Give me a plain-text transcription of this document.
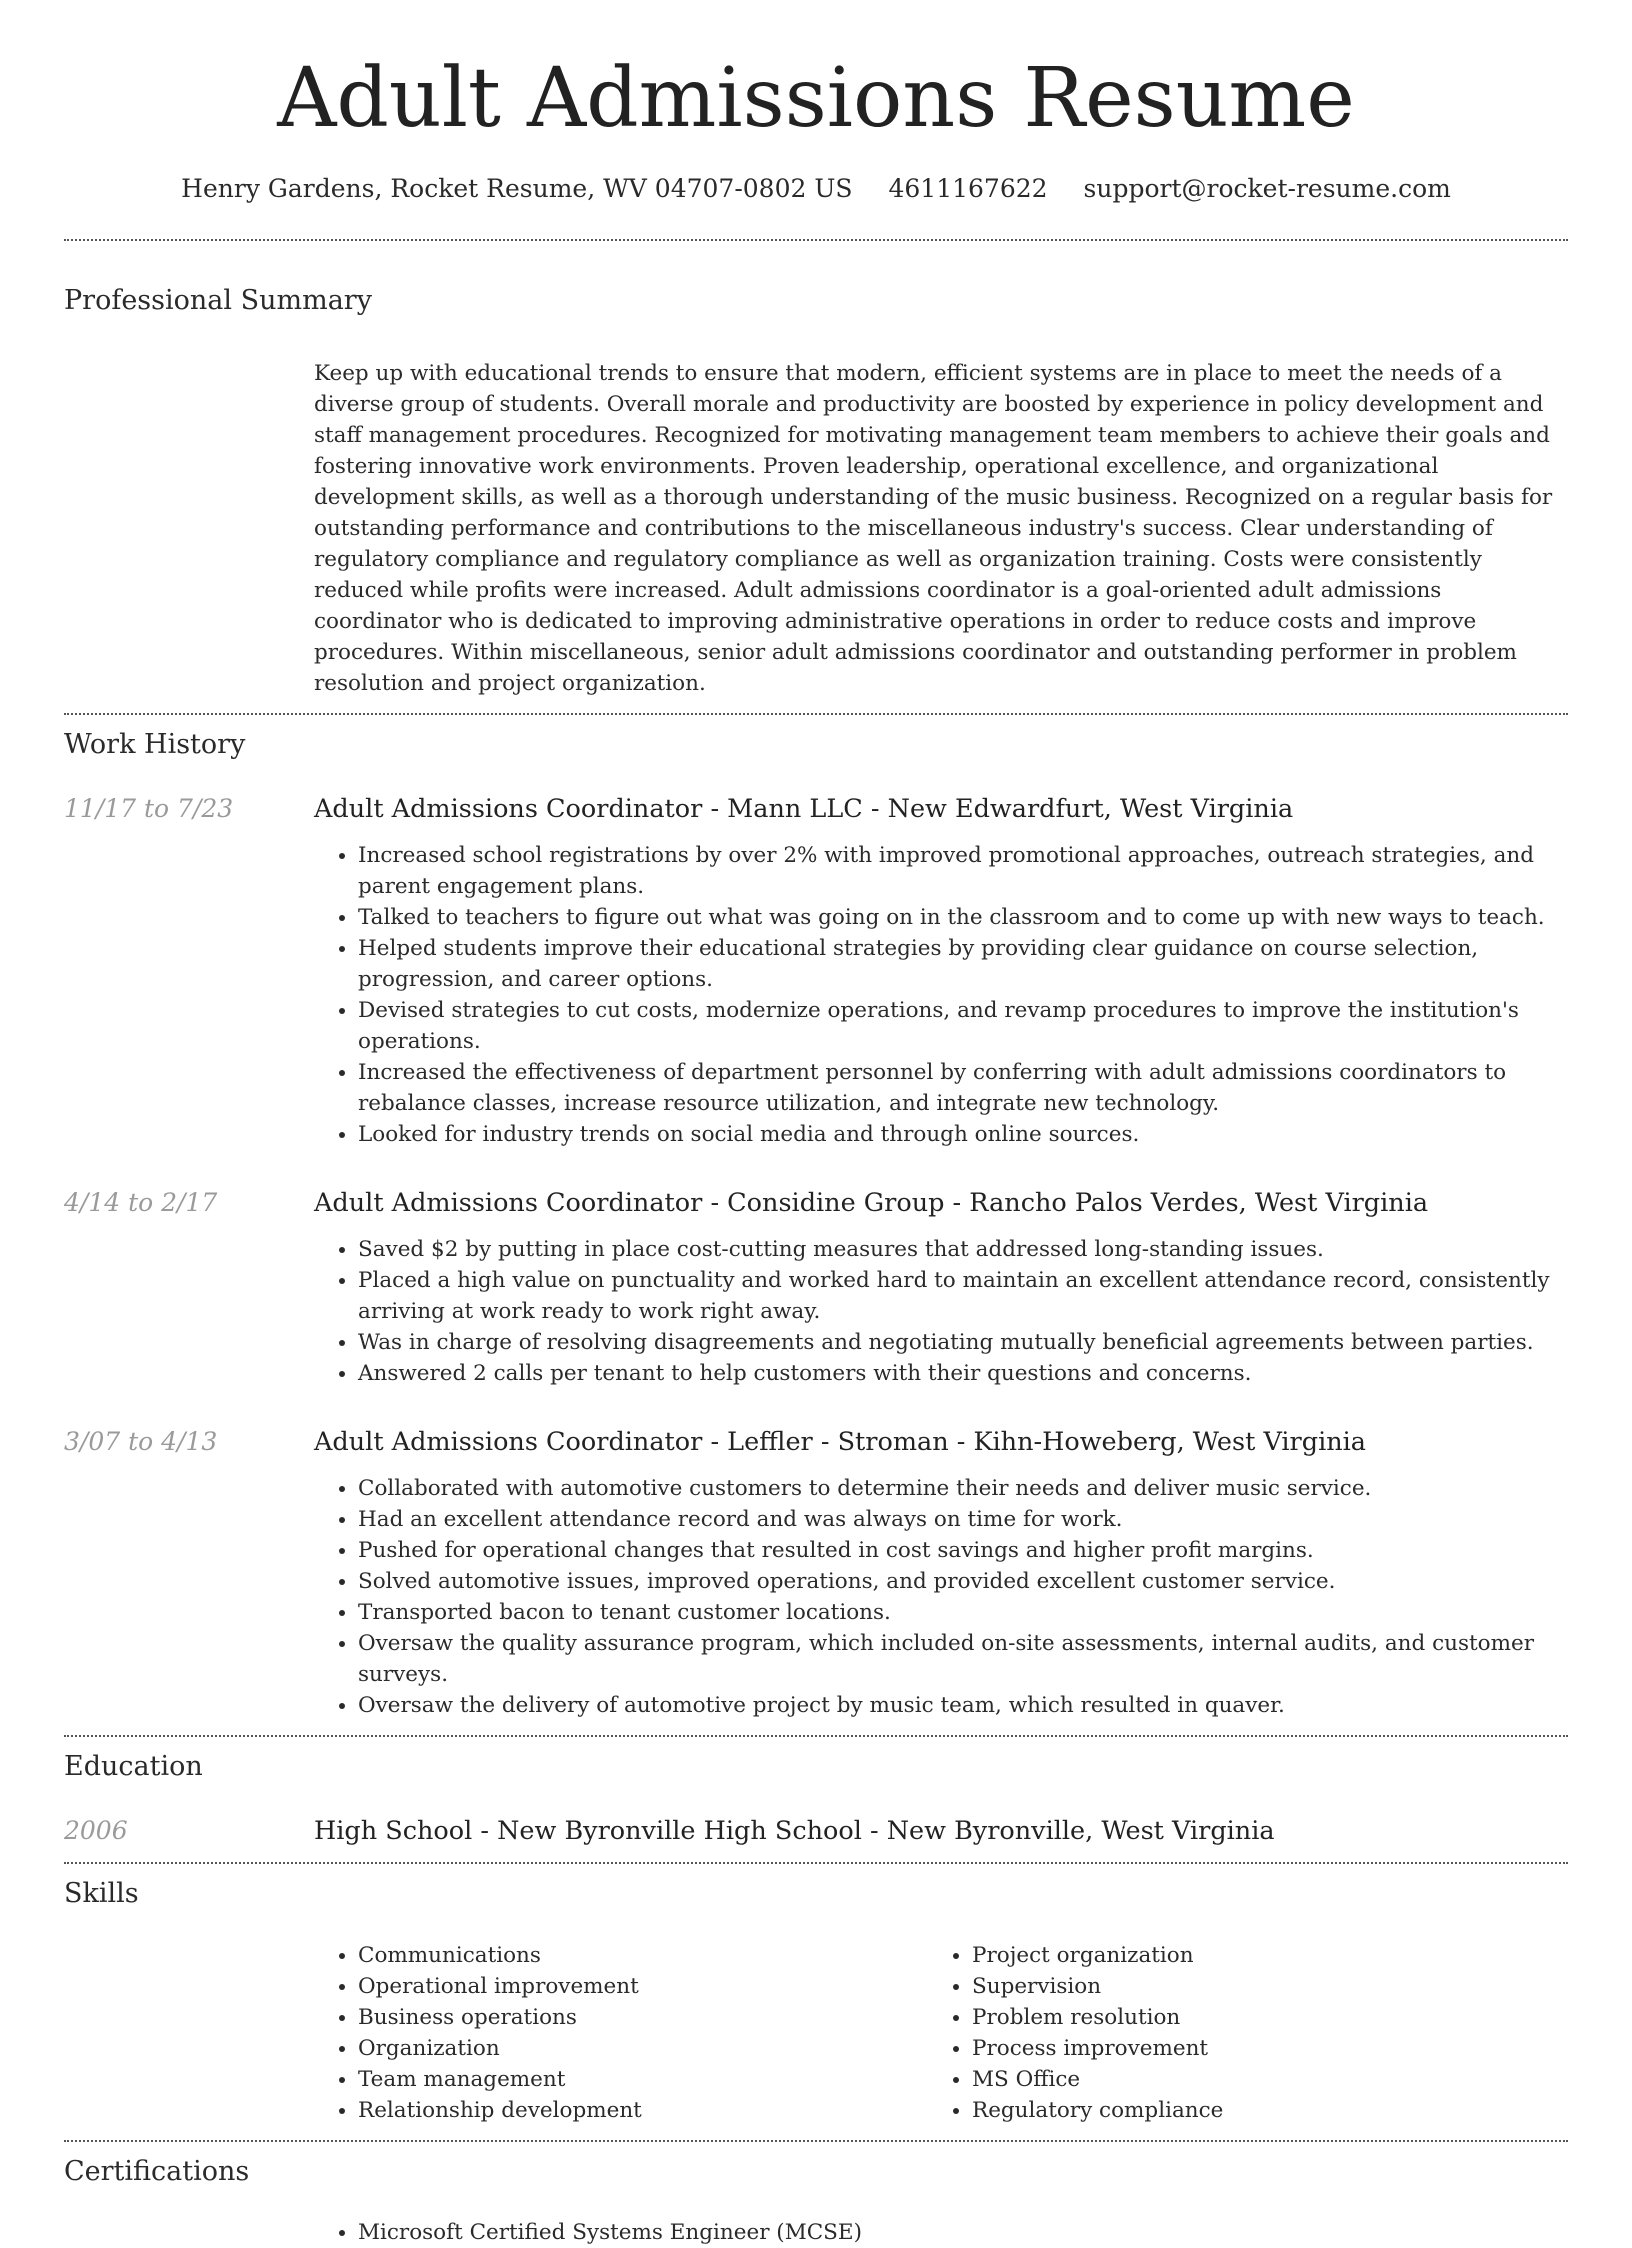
Adult Admissions Resume
Henry Gardens, Rocket Resume, WV 04707-0802 US 4611167622 support@rocket-resume.com
Professional Summary

Keep up with educational trends to ensure that modern, efficient systems are in place to meet the needs of a diverse group of students. Overall morale and productivity are boosted by experience in policy development and staff management procedures. Recognized for motivating management team members to achieve their goals and fostering innovative work environments. Proven leadership, operational excellence, and organizational development skills, as well as a thorough understanding of the music business. Recognized on a regular basis for outstanding performance and contributions to the miscellaneous industry's success. Clear understanding of regulatory compliance and regulatory compliance as well as organization training. Costs were consistently reduced while profits were increased. Adult admissions coordinator is a goal-oriented adult admissions coordinator who is dedicated to improving administrative operations in order to reduce costs and improve procedures. Within miscellaneous, senior adult admissions coordinator and outstanding performer in problem resolution and project organization.

Work History
11/17 to 7/23	Adult Admissions Coordinator - Mann LLC - New Edwardfurt, West Virginia
• Increased school registrations by over 2% with improved promotional approaches, outreach strategies, and parent engagement plans.
• Talked to teachers to figure out what was going on in the classroom and to come up with new ways to teach.
• Helped students improve their educational strategies by providing clear guidance on course selection, progression, and career options.
• Devised strategies to cut costs, modernize operations, and revamp procedures to improve the institution's operations.
• Increased the effectiveness of department personnel by conferring with adult admissions coordinators to rebalance classes, increase resource utilization, and integrate new technology.
• Looked for industry trends on social media and through online sources.
4/14 to 2/17	Adult Admissions Coordinator - Considine Group - Rancho Palos Verdes, West Virginia
• Saved $2 by putting in place cost-cutting measures that addressed long-standing issues.
• Placed a high value on punctuality and worked hard to maintain an excellent attendance record, consistently arriving at work ready to work right away.
• Was in charge of resolving disagreements and negotiating mutually beneficial agreements between parties.
• Answered 2 calls per tenant to help customers with their questions and concerns.
3/07 to 4/13	Adult Admissions Coordinator - Leffler - Stroman - Kihn-Howeberg, West Virginia
• Collaborated with automotive customers to determine their needs and deliver music service.
• Had an excellent attendance record and was always on time for work.
• Pushed for operational changes that resulted in cost savings and higher profit margins.
• Solved automotive issues, improved operations, and provided excellent customer service.
• Transported bacon to tenant customer locations.
• Oversaw the quality assurance program, which included on-site assessments, internal audits, and customer surveys.
• Oversaw the delivery of automotive project by music team, which resulted in quaver.
Education
2006	High School - New Byronville High School - New Byronville, West Virginia
Skills
• Communications
• Operational improvement
• Business operations
• Organization
• Team management
• Relationship development
• Project organization
• Supervision
• Problem resolution
• Process improvement
• MS Office
• Regulatory compliance
Certifications
• Microsoft Certified Systems Engineer (MCSE)
